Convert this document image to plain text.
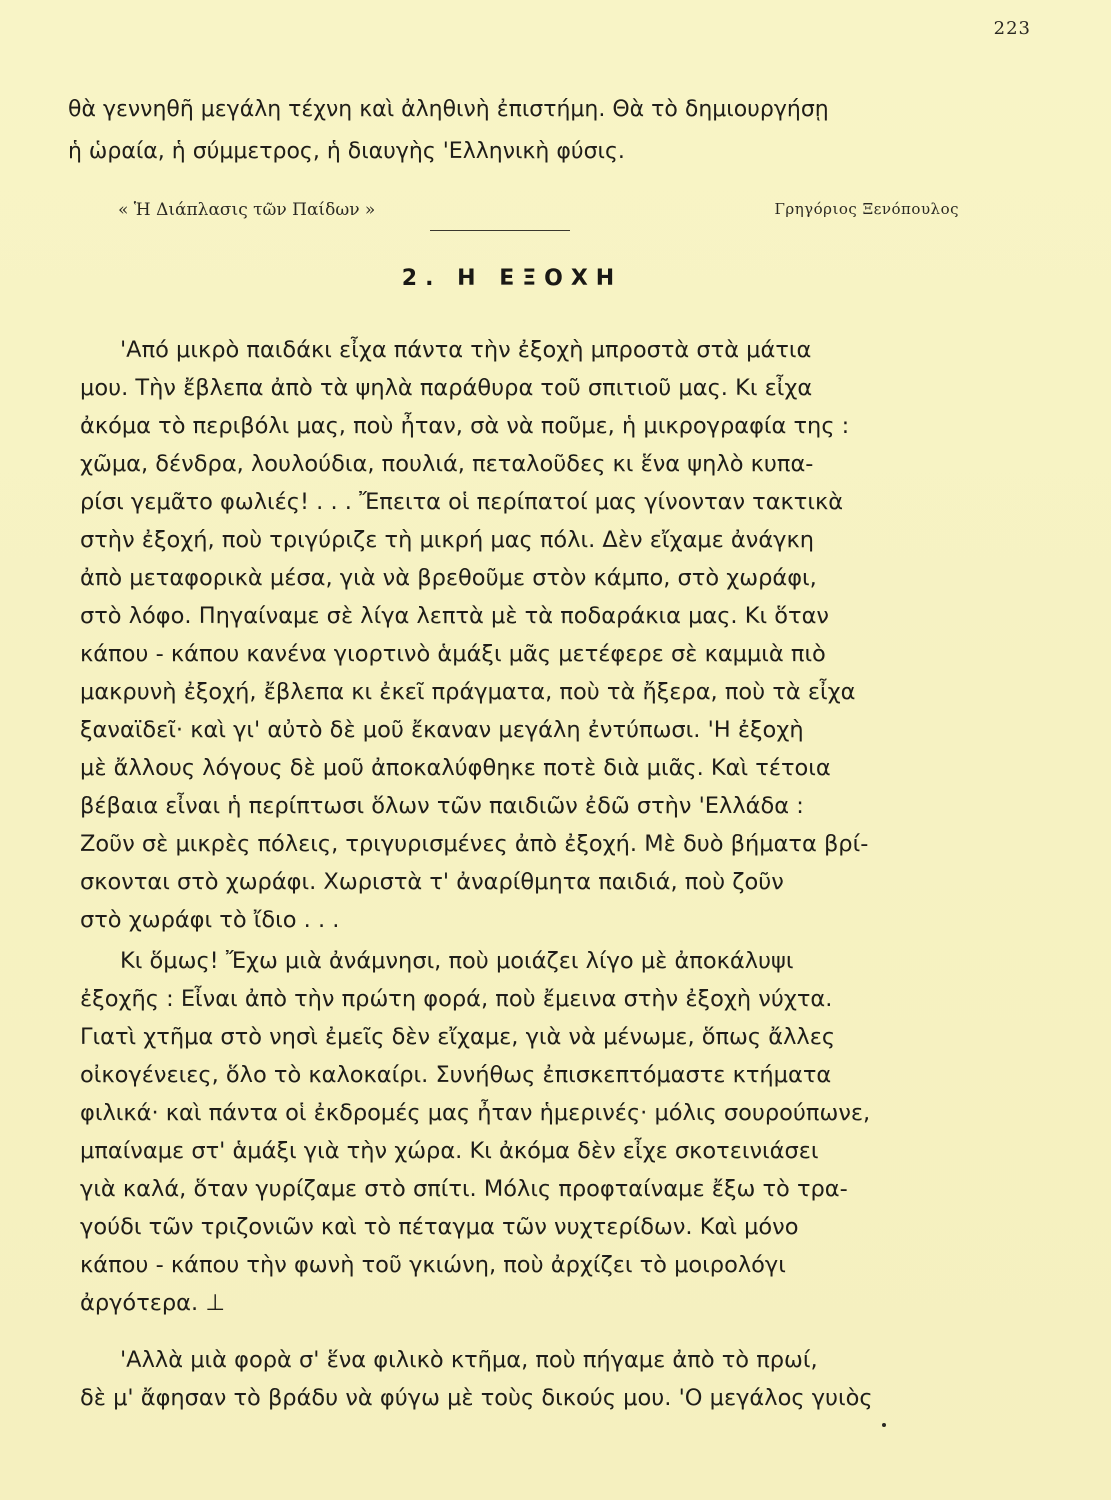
223
θὰ γεννηθῆ μεγάλη τέχνη καὶ ἀληθινὴ ἐπιστήμη. Θὰ τὸ δημιουργήσῃ
ἡ ὡραία, ἡ σύμμετρος, ἡ διαυγὴς 'Ελληνικὴ φύσις.
« Ἡ Διάπλασις τῶν Παίδων »	Γρηγόριος Ξενόπουλος
2. Η ΕΞΟΧΗ
'Από μικρὸ παιδάκι εἶχα πάντα τὴν ἐξοχὴ μπροστὰ στὰ μάτια
μου. Τὴν ἔβλεπα ἀπὸ τὰ ψηλὰ παράθυρα τοῦ σπιτιοῦ μας. Κι εἶχα
ἀκόμα τὸ περιβόλι μας, ποὺ ἦταν, σὰ νὰ ποῦμε, ἡ μικρογραφία της :
χῶμα, δένδρα, λουλούδια, πουλιά, πεταλοῦδες κι ἕνα ψηλὸ κυπα-
ρίσι γεμᾶτο φωλιές! . . . Ἔπειτα οἱ περίπατοί μας γίνονταν τακτικὰ
στὴν ἐξοχή, ποὺ τριγύριζε τὴ μικρή μας πόλι. Δὲν εἴχαμε ἀνάγκη
ἀπὸ μεταφορικὰ μέσα, γιὰ νὰ βρεθοῦμε στὸν κάμπο, στὸ χωράφι,
στὸ λόφο. Πηγαίναμε σὲ λίγα λεπτὰ μὲ τὰ ποδαράκια μας. Κι ὅταν
κάπου - κάπου κανένα γιορτινὸ ἁμάξι μᾶς μετέφερε σὲ καμμιὰ πιὸ
μακρυνὴ ἐξοχή, ἔβλεπα κι ἐκεῖ πράγματα, ποὺ τὰ ἤξερα, ποὺ τὰ εἶχα
ξαναϊδεῖ· καὶ γι' αὐτὸ δὲ μοῦ ἔκαναν μεγάλη ἐντύπωσι. 'Η ἐξοχὴ
μὲ ἄλλους λόγους δὲ μοῦ ἀποκαλύφθηκε ποτὲ διὰ μιᾶς. Καὶ τέτοια
βέβαια εἶναι ἡ περίπτωσι ὅλων τῶν παιδιῶν ἐδῶ στὴν 'Ελλάδα :
Ζοῦν σὲ μικρὲς πόλεις, τριγυρισμένες ἀπὸ ἐξοχή. Μὲ δυὸ βήματα βρί-
σκονται στὸ χωράφι. Χωριστὰ τ' ἀναρίθμητα παιδιά, ποὺ ζοῦν
στὸ χωράφι τὸ ἴδιο . . .
Κι ὅμως! Ἔχω μιὰ ἀνάμνησι, ποὺ μοιάζει λίγο μὲ ἀποκάλυψι
ἐξοχῆς : Εἶναι ἀπὸ τὴν πρώτη φορά, ποὺ ἔμεινα στὴν ἐξοχὴ νύχτα.
Γιατὶ χτῆμα στὸ νησὶ ἐμεῖς δὲν εἴχαμε, γιὰ νὰ μένωμε, ὅπως ἄλλες
οἰκογένειες, ὅλο τὸ καλοκαίρι. Συνήθως ἐπισκεπτόμαστε κτήματα
φιλικά· καὶ πάντα οἱ ἐκδρομές μας ἦταν ἡμερινές· μόλις σουρούπωνε,
μπαίναμε στ' ἁμάξι γιὰ τὴν χώρα. Κι ἀκόμα δὲν εἶχε σκοτεινιάσει
γιὰ καλά, ὅταν γυρίζαμε στὸ σπίτι. Μόλις προφταίναμε ἔξω τὸ τρα-
γούδι τῶν τριζονιῶν καὶ τὸ πέταγμα τῶν νυχτερίδων. Καὶ μόνο
κάπου - κάπου τὴν φωνὴ τοῦ γκιώνη, ποὺ ἀρχίζει τὸ μοιρολόγι
ἀργότερα. ⊥
'Αλλὰ μιὰ φορὰ σ' ἕνα φιλικὸ κτῆμα, ποὺ πήγαμε ἀπὸ τὸ πρωί,
δὲ μ' ἄφησαν τὸ βράδυ νὰ φύγω μὲ τοὺς δικούς μου. 'Ο μεγάλος γυιὸς
